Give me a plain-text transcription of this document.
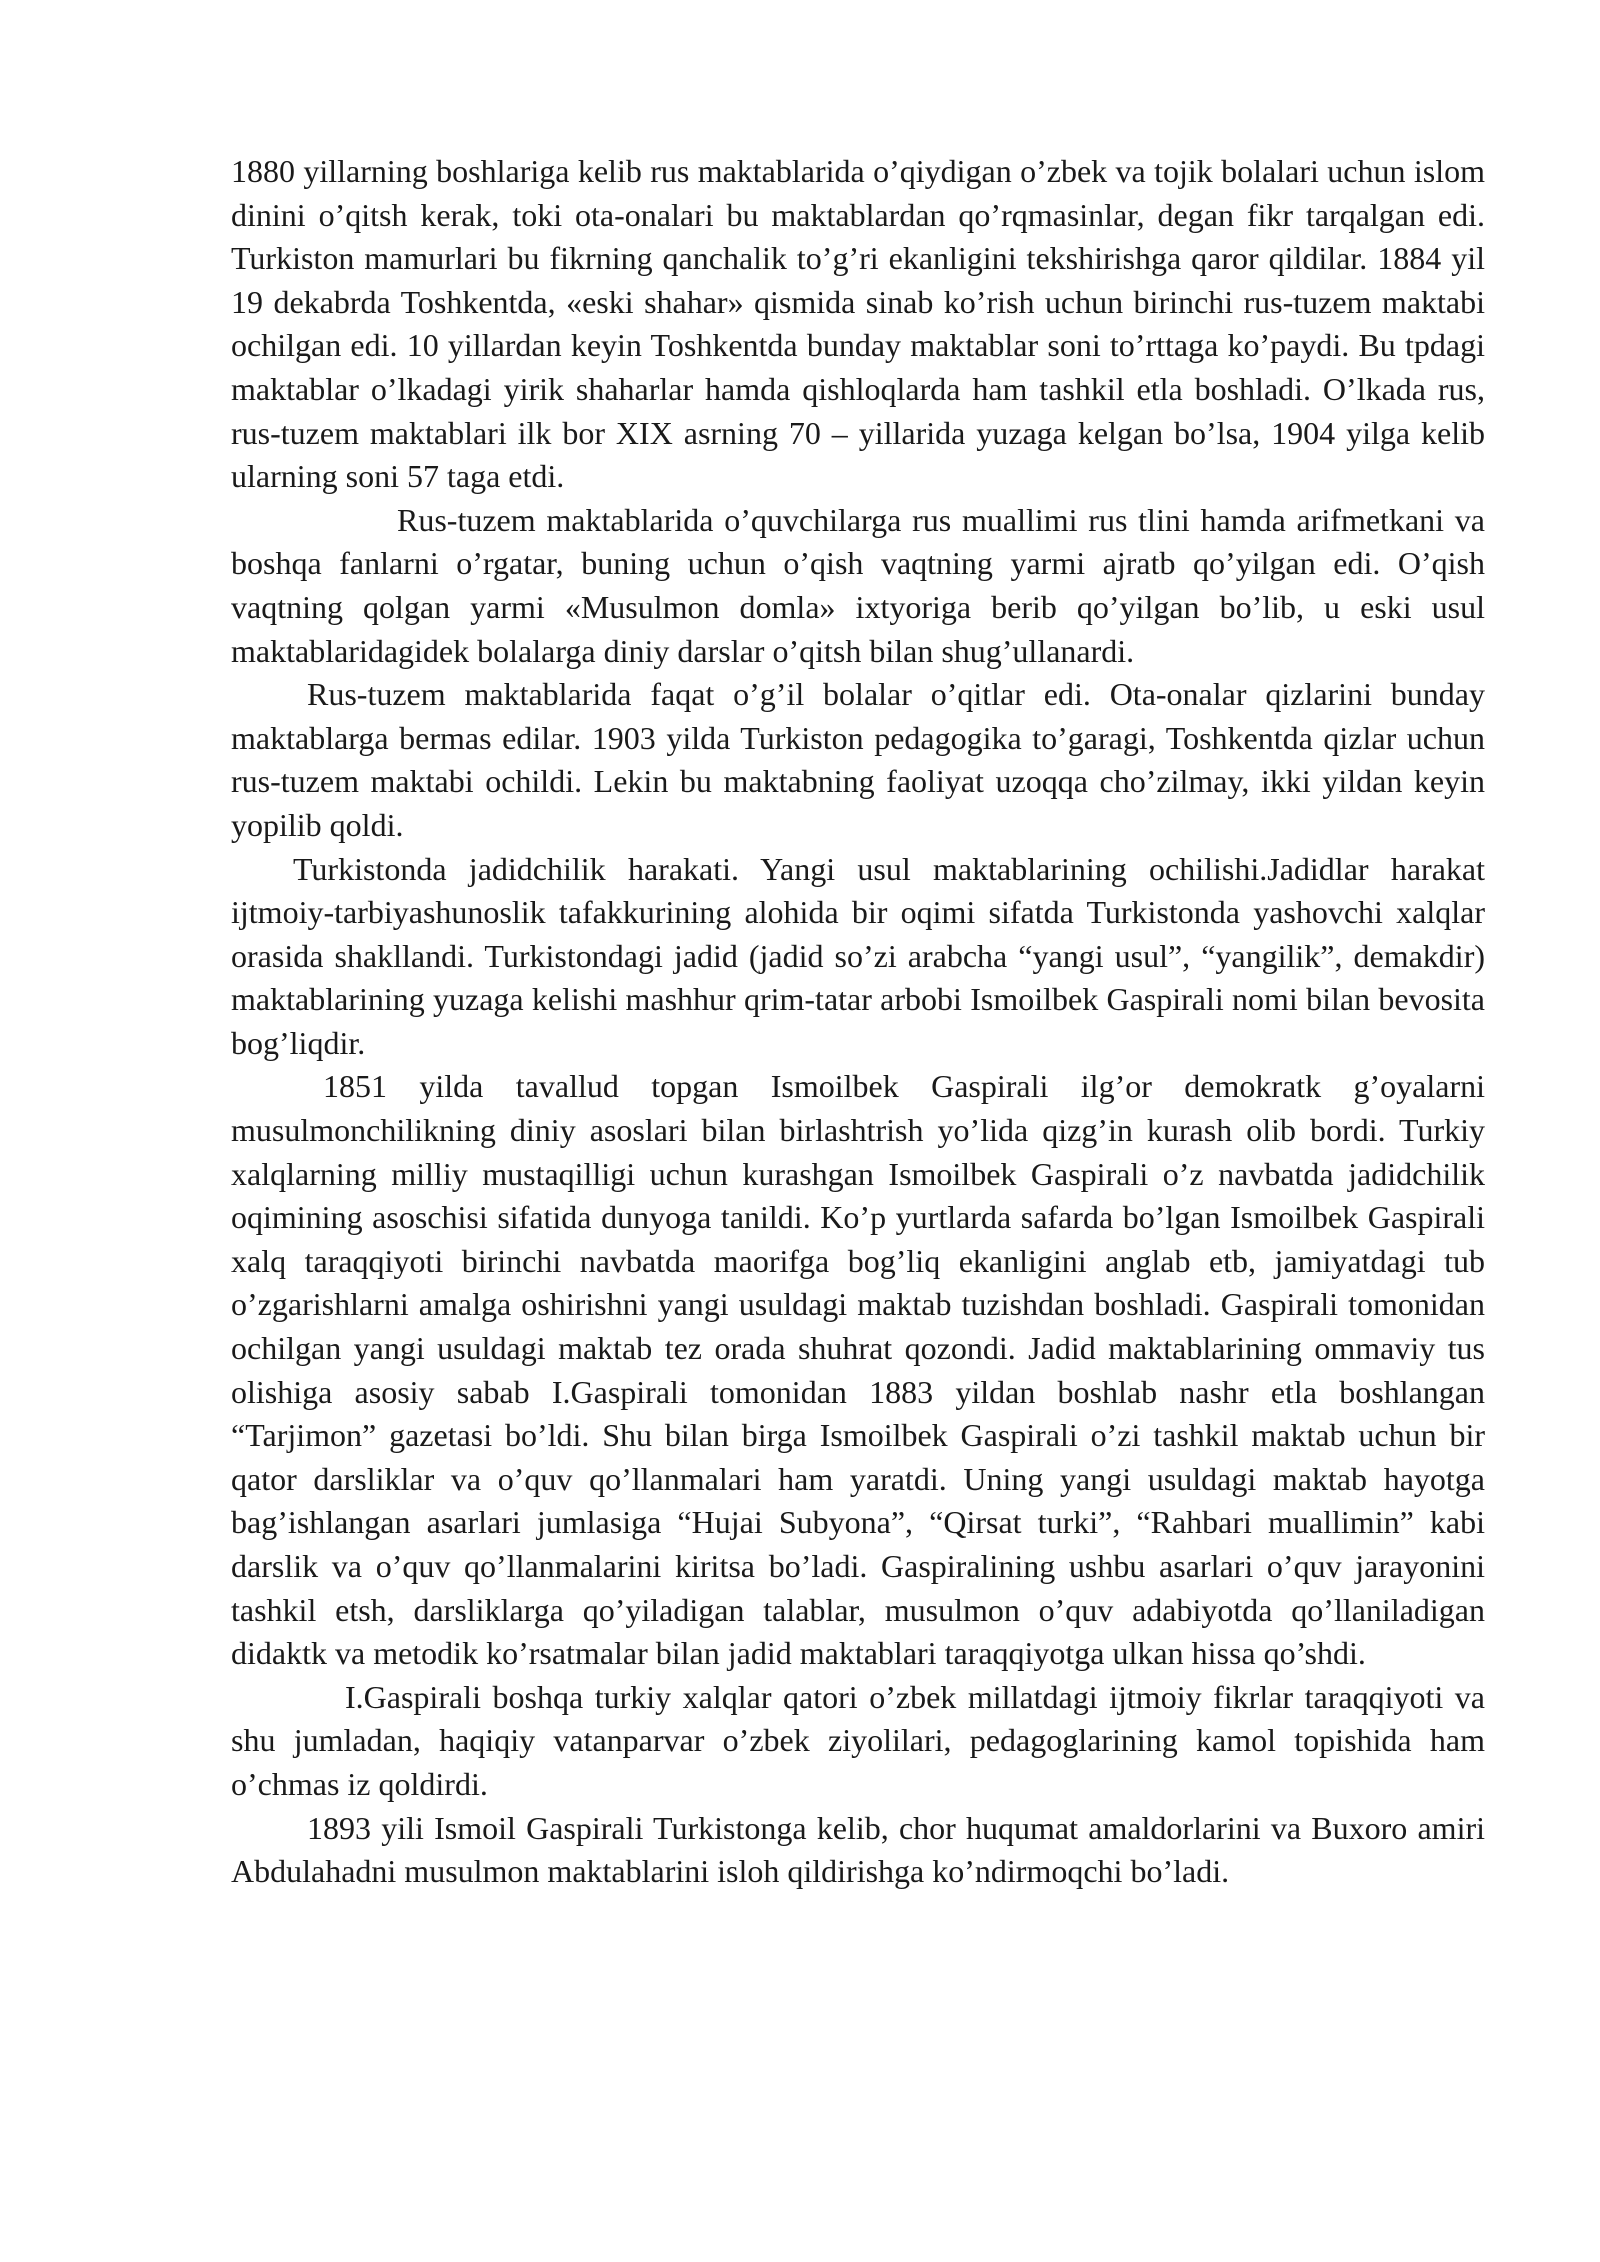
1880 yillarning boshlariga kelib rus maktablarida o’qiydigan o’zbek va tojik bolalari uchun islom dinini o’qitsh kerak, toki ota-onalari bu maktablardan qo’rqmasinlar, degan fikr tarqalgan edi. Turkiston mamurlari bu fikrning qanchalik to’g’ri ekanligini tekshirishga qaror qildilar. 1884 yil 19 dekabrda Toshkentda, «eski shahar» qismida sinab ko’rish uchun birinchi rus-tuzem maktabi ochilgan edi. 10 yillardan keyin Toshkentda bunday maktablar soni to’rttaga ko’paydi. Bu tpdagi maktablar o’lkadagi yirik shaharlar hamda qishloqlarda ham tashkil etla boshladi. O’lkada rus, rus-tuzem maktablari ilk bor XIX asrning 70 – yillarida yuzaga kelgan bo’lsa, 1904 yilga kelib ularning soni 57 taga etdi.

Rus-tuzem maktablarida o’quvchilarga rus muallimi rus tlini hamda arifmetkani va boshqa fanlarni o’rgatar, buning uchun o’qish vaqtning yarmi ajratb qo’yilgan edi. O’qish vaqtning qolgan yarmi «Musulmon domla» ixtyoriga berib qo’yilgan bo’lib, u eski usul maktablaridagidek bolalarga diniy darslar o’qitsh bilan shug’ullanardi.

Rus-tuzem maktablarida faqat o’g’il bolalar o’qitlar edi. Ota-onalar qizlarini bunday maktablarga bermas edilar. 1903 yilda Turkiston pedagogika to’garagi, Toshkentda qizlar uchun rus-tuzem maktabi ochildi. Lekin bu maktabning faoliyat uzoqqa cho’zilmay, ikki yildan keyin yopilib qoldi.

Turkistonda jadidchilik harakati. Yangi usul maktablarining ochilishi.Jadidlar harakat ijtmoiy-tarbiyashunoslik tafakkurining alohida bir oqimi sifatda Turkistonda yashovchi xalqlar orasida shakllandi. Turkistondagi jadid (jadid so’zi arabcha “yangi usul”, “yangilik”, demakdir) maktablarining yuzaga kelishi mashhur qrim-tatar arbobi Ismoilbek Gaspirali nomi bilan bevosita bog’liqdir.

1851 yilda tavallud topgan Ismoilbek Gaspirali ilg’or demokratk g’oyalarni musulmonchilikning diniy asoslari bilan birlashtrish yo’lida qizg’in kurash olib bordi. Turkiy xalqlarning milliy mustaqilligi uchun kurashgan Ismoilbek Gaspirali o’z navbatda jadidchilik oqimining asoschisi sifatida dunyoga tanildi. Ko’p yurtlarda safarda bo’lgan Ismoilbek Gaspirali xalq taraqqiyoti birinchi navbatda maorifga bog’liq ekanligini anglab etb, jamiyatdagi tub o’zgarishlarni amalga oshirishni yangi usuldagi maktab tuzishdan boshladi. Gaspirali tomonidan ochilgan yangi usuldagi maktab tez orada shuhrat qozondi. Jadid maktablarining ommaviy tus olishiga asosiy sabab I.Gaspirali tomonidan 1883 yildan boshlab nashr etla boshlangan “Tarjimon” gazetasi bo’ldi. Shu bilan birga Ismoilbek Gaspirali o’zi tashkil maktab uchun bir qator darsliklar va o’quv qo’llanmalari ham yaratdi. Uning yangi usuldagi maktab hayotga bag’ishlangan asarlari jumlasiga “Hujai Subyona”, “Qirsat turki”, “Rahbari muallimin” kabi darslik va o’quv qo’llanmalarini kiritsa bo’ladi. Gaspiralining ushbu asarlari o’quv jarayonini tashkil etsh, darsliklarga qo’yiladigan talablar, musulmon o’quv adabiyotda qo’llaniladigan didaktk va metodik ko’rsatmalar bilan jadid maktablari taraqqiyotga ulkan hissa qo’shdi.

I.Gaspirali boshqa turkiy xalqlar qatori o’zbek millatdagi ijtmoiy fikrlar taraqqiyoti va shu jumladan, haqiqiy vatanparvar o’zbek ziyolilari, pedagoglarining kamol topishida ham o’chmas iz qoldirdi.

1893 yili Ismoil Gaspirali Turkistonga kelib, chor huqumat amaldorlarini va Buxoro amiri Abdulahadni musulmon maktablarini isloh qildirishga ko’ndirmoqchi bo’ladi.
